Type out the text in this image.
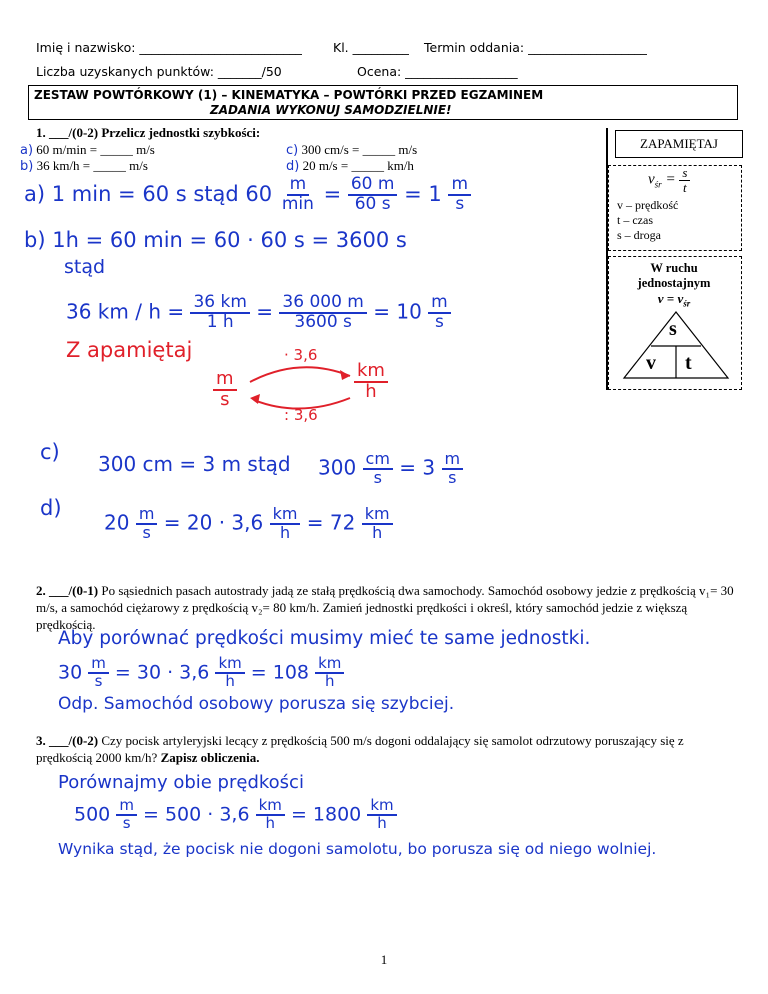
Imię i nazwisko: __________________________ Kl. _________ Termin oddania: ___________________
Liczba uzyskanych punktów: _______/50	Ocena: __________________
ZESTAW POWTÓRKOWY (1) – KINEMATYKA – POWTÓRKI PRZED EGZAMINEM
ZADANIA WYKONUJ SAMODZIELNIE!
1. ___/(0-2) Przelicz jednostki szybkości:
a) 60 m/min = _____ m/s
b) 36 km/h = _____ m/s
c) 300 cm/s = _____ m/s
d) 20 m/s = _____ km/h
ZAPAMIĘTAJ
$v_{śr} = \frac{s}{t}$
v – prędkość
t – czas
s – droga
W ruchu
jednostajnym
$v = v_{śr}$
s
v t
a) 1 min = 60 s stąd $60 \frac{m}{\min} = \frac{60 m}{60 s} = 1 \frac{m}{s}$
b) 1h = 60 min = 60 · 60 s = 3600 s
stąd
36 km / $h = \frac{36 km}{1 h} = \frac{36 000 m}{3600 s} = 10 \frac{m}{s}$
Z apamiętaj	· 3,6
$\frac{m}{s}$	$\frac{km}{h}$
: 3,6
c) 300 cm = 3 m stąd $300 \frac{cm}{s} = 3 \frac{m}{s}$
d)
$20 \frac{m}{s} = 20 \cdot 3,6 \frac{km}{h} = 72 \frac{km}{h}$
2. ___/(0-1) Po sąsiednich pasach autostrady jadą ze stałą prędkością dwa samochody. Samochód osobowy jedzie z prędkością v₁= 30 m/s, a samochód ciężarowy z prędkością v₂= 80 km/h. Zamień jednostki prędkości i określ, który samochód jedzie z większą prędkością.
Aby porównać prędkości musimy mieć te same jednostki.
$30 \frac{m}{s} = 30 \cdot 3,6 \frac{km}{h} = 108 \frac{km}{h}$
Odp. Samochód osobowy porusza się szybciej.
3. ___/(0-2) Czy pocisk artyleryjski lecący z prędkością 500 m/s dogoni oddalający się samolot odrzutowy poruszający się z prędkością 2000 km/h? Zapisz obliczenia.
Porównajmy obie prędkości
$500 \frac{m}{s} = 500 \cdot 3,6 \frac{km}{h} = 1800 \frac{km}{h}$
Wynika stąd, że pocisk nie dogoni samolotu, bo porusza się od niego wolniej.
1
